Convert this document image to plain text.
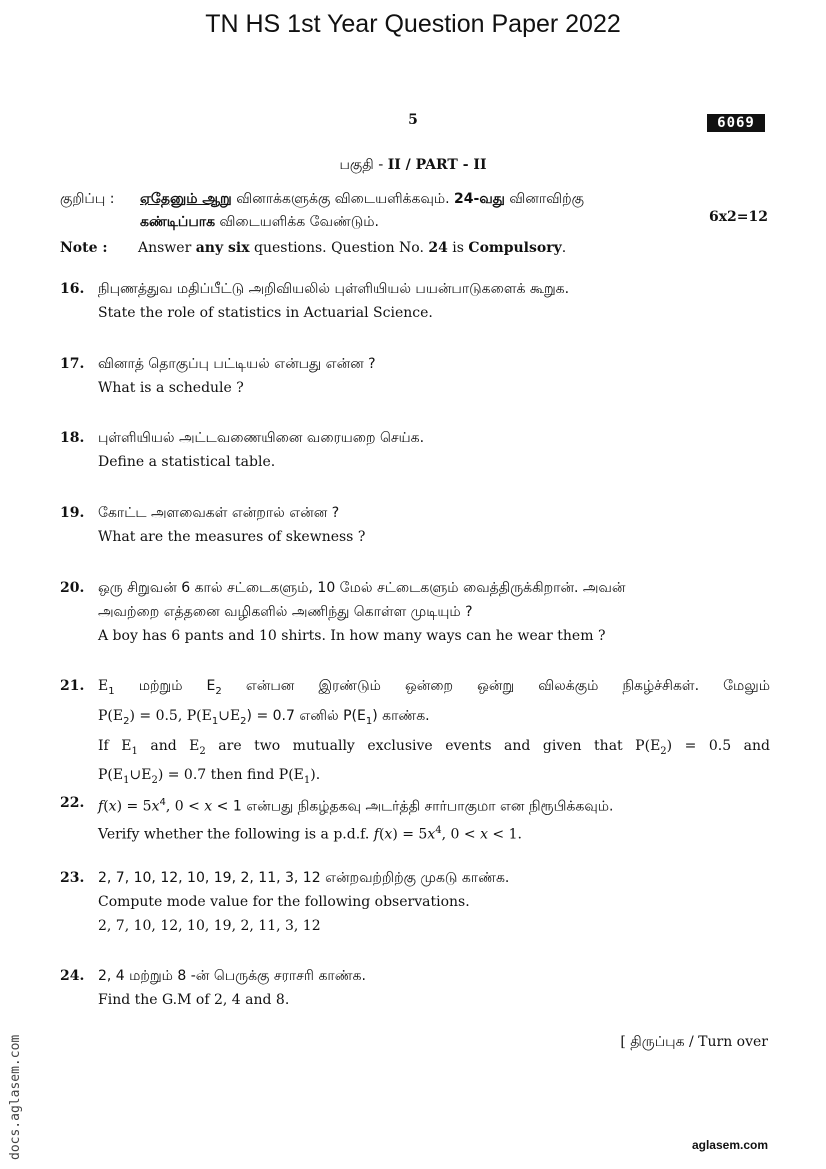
TN HS 1st Year Question Paper 2022
5	6069
பகுதி - II / PART - II
குறிப்பு : ஏதேனும் ஆறு வினாக்களுக்கு விடையளிக்கவும். 24-வது வினாவிற்கு
கண்டிப்பாக விடையளிக்க வேண்டும்.	6x2=12
Note : Answer any six questions. Question No. 24 is Compulsory.
16. நிபுணத்துவ மதிப்பீட்டு அறிவியலில் புள்ளியியல் பயன்பாடுகளைக் கூறுக.
State the role of statistics in Actuarial Science.
17. வினாத் தொகுப்பு பட்டியல் என்பது என்ன ?
What is a schedule ?
18. புள்ளியியல் அட்டவணையினை வரையறை செய்க.
Define a statistical table.
19. கோட்ட அளவைகள் என்றால் என்ன ?
What are the measures of skewness ?
20. ஒரு சிறுவன் 6 கால் சட்டைகளும், 10 மேல் சட்டைகளும் வைத்திருக்கிறான். அவன்
அவற்றை எத்தனை வழிகளில் அணிந்து கொள்ள முடியும் ?
A boy has 6 pants and 10 shirts. In how many ways can he wear them ?
21. $E_1$ மற்றும் $E_2$ என்பன இரண்டும் ஒன்றை ஒன்று விலக்கும் நிகழ்ச்சிகள். மேலும்
$P(E_2) = 0.5$, $P(E_1\cup E_2) = 0.7$ எனில் $P(E_1)$ காண்க.
If $E_1$ and $E_2$ are two mutually exclusive events and given that $P(E_2) = 0.5$ and
$P(E_1\cup E_2) = 0.7$ then find $P(E_1)$.
22. $f(x) = 5x^4$, 0 < x < 1 என்பது நிகழ்தகவு அடர்த்தி சார்பாகுமா என நிரூபிக்கவும்.
Verify whether the following is a p.d.f. $f(x) = 5x^4$, 0 < x < 1.
23. 2, 7, 10, 12, 10, 19, 2, 11, 3, 12 என்றவற்றிற்கு முகடு காண்க.
Compute mode value for the following observations.
2, 7, 10, 12, 10, 19, 2, 11, 3, 12
24. 2, 4 மற்றும் 8 -ன் பெருக்கு சராசரி காண்க.
Find the G.M of 2, 4 and 8.
[ திருப்புக / Turn over
docs.aglasem.com	aglasem.com
